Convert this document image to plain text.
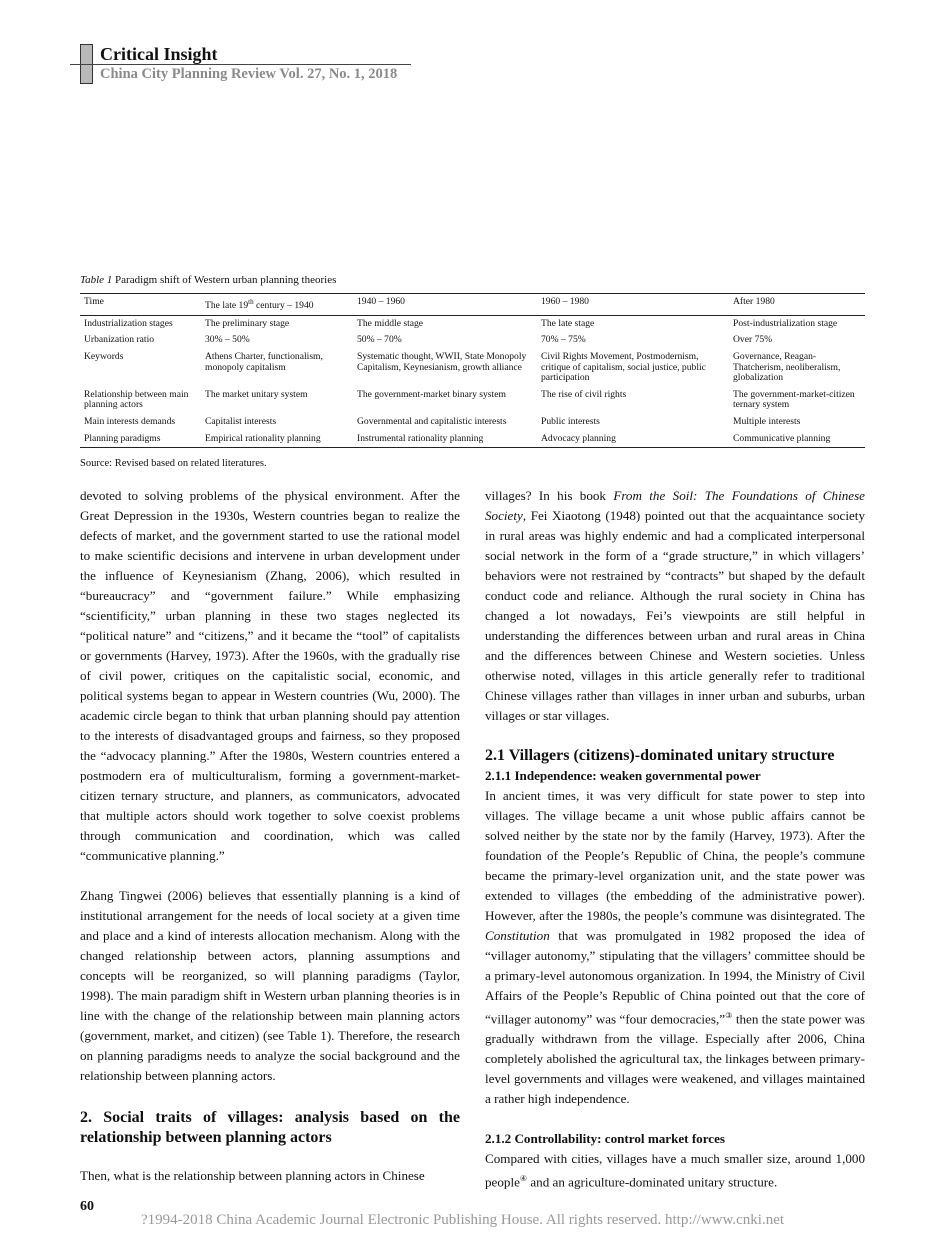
Critical Insight
China City Planning Review Vol. 27, No. 1, 2018
Table 1 Paradigm shift of Western urban planning theories
Time	The late 19th century – 1940	1940 – 1960	1960 – 1980	After 1980
Industrialization stages	The preliminary stage	The middle stage	The late stage	Post-industrialization stage
Urbanization ratio	30% – 50%	50% – 70%	70% – 75%	Over 75%
Keywords	Athens Charter, functionalism, monopoly capitalism	Systematic thought, WWII, State Monopoly Capitalism, Keynesianism, growth alliance	Civil Rights Movement, Postmodernism, critique of capitalism, social justice, public participation	Governance, Reagan-Thatcherism, neoliberalism, globalization
Relationship between main planning actors	The market unitary system	The government-market binary system	The rise of civil rights	The government-market-citizen ternary system
Main interests demands	Capitalist interests	Governmental and capitalistic interests	Public interests	Multiple interests
Planning paradigms	Empirical rationality planning	Instrumental rationality planning	Advocacy planning	Communicative planning
Source: Revised based on related literatures.

devoted to solving problems of the physical environment. After the Great Depression in the 1930s, Western countries began to realize the defects of market, and the government started to use the rational model to make scientific decisions and intervene in urban development under the influence of Keynesianism (Zhang, 2006), which resulted in “bureaucracy” and “government failure.” While emphasizing “scientificity,” urban planning in these two stages neglected its “political nature” and “citizens,” and it became the “tool” of capitalists or governments (Harvey, 1973). After the 1960s, with the gradually rise of civil power, critiques on the capitalistic social, economic, and political systems began to appear in Western countries (Wu, 2000). The academic circle began to think that urban planning should pay attention to the interests of disadvantaged groups and fairness, so they proposed the “advocacy planning.” After the 1980s, Western countries entered a postmodern era of multiculturalism, forming a government-market-citizen ternary structure, and planners, as communicators, advocated that multiple actors should work together to solve coexist problems through communication and coordination, which was called “communicative planning.”

Zhang Tingwei (2006) believes that essentially planning is a kind of institutional arrangement for the needs of local society at a given time and place and a kind of interests allocation mechanism. Along with the changed relationship between actors, planning assumptions and concepts will be reorganized, so will planning paradigms (Taylor, 1998). The main paradigm shift in Western urban planning theories is in line with the change of the relationship between main planning actors (government, market, and citizen) (see Table 1). Therefore, the research on planning paradigms needs to analyze the social background and the relationship between planning actors.

2. Social traits of villages: analysis based on the relationship between planning actors

Then, what is the relationship between planning actors in Chinese

villages? In his book From the Soil: The Foundations of Chinese Society, Fei Xiaotong (1948) pointed out that the acquaintance society in rural areas was highly endemic and had a complicated interpersonal social network in the form of a “grade structure,” in which villagers’ behaviors were not restrained by “contracts” but shaped by the default conduct code and reliance. Although the rural society in China has changed a lot nowadays, Fei’s viewpoints are still helpful in understanding the differences between urban and rural areas in China and the differences between Chinese and Western societies. Unless otherwise noted, villages in this article generally refer to traditional Chinese villages rather than villages in inner urban and suburbs, urban villages or star villages.

2.1 Villagers (citizens)-dominated unitary structure

2.1.1 Independence: weaken governmental power

In ancient times, it was very difficult for state power to step into villages. The village became a unit whose public affairs cannot be solved neither by the state nor by the family (Harvey, 1973). After the foundation of the People’s Republic of China, the people’s commune became the primary-level organization unit, and the state power was extended to villages (the embedding of the administrative power). However, after the 1980s, the people’s commune was disintegrated. The Constitution that was promulgated in 1982 proposed the idea of “villager autonomy,” stipulating that the villagers’ committee should be a primary-level autonomous organization. In 1994, the Ministry of Civil Affairs of the People’s Republic of China pointed out that the core of “villager autonomy” was “four democracies,”③ then the state power was gradually withdrawn from the village. Especially after 2006, China completely abolished the agricultural tax, the linkages between primary-level governments and villages were weakened, and villages maintained a rather high independence.

2.1.2 Controllability: control market forces

Compared with cities, villages have a much smaller size, around 1,000 people④ and an agriculture-dominated unitary structure.

60
?1994-2018 China Academic Journal Electronic Publishing House. All rights reserved. http://www.cnki.net
